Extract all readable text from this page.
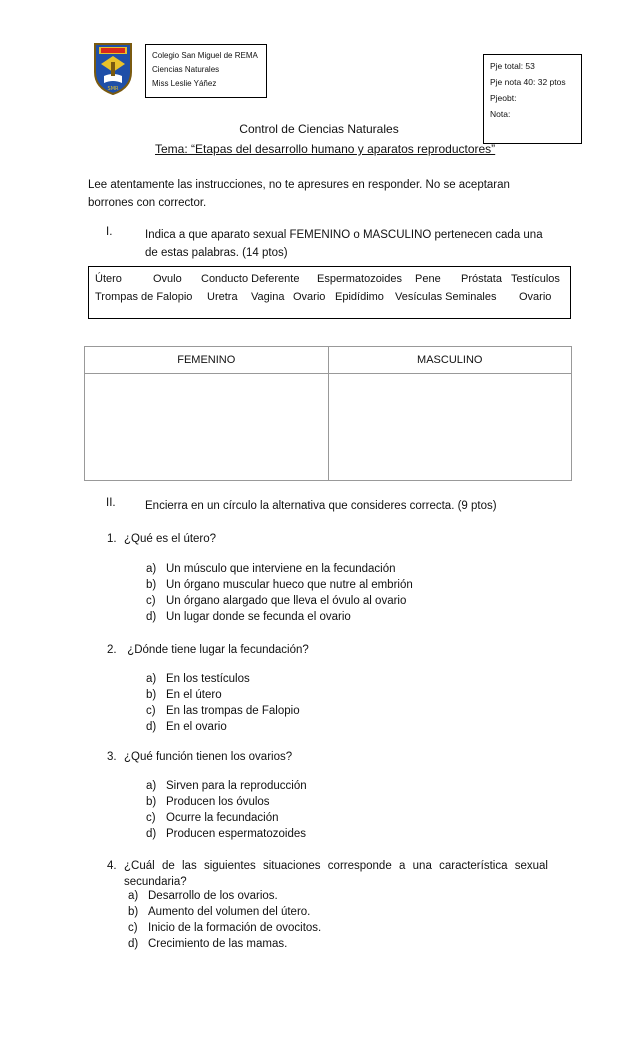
SMR
Colegio San Miguel de REMA
Ciencias Naturales
Miss Leslie Yáñez
Pje total: 53
Pje nota 40: 32 ptos
Pjeobt:
Nota:
Control de Ciencias Naturales
Tema: “Etapas del desarrollo humano y aparatos reproductores”
Lee atentamente las instrucciones, no te apresures en responder. No se aceptaran borrones con corrector.
I.	Indica a que aparato sexual FEMENINO o MASCULINO pertenecen cada una de estas palabras. (14 ptos)
Útero	Ovulo Conducto Deferente Espermatozoides Pene Próstata Testículos
Trompas de Falopio Uretra Vagina Ovario Epidídimo Vesículas Seminales Ovario
FEMENINO	MASCULINO

II.	Encierra en un círculo la alternativa que consideres correcta. (9 ptos)
1. ¿Qué es el útero?
a) Un músculo que interviene en la fecundación
b) Un órgano muscular hueco que nutre al embrión
c) Un órgano alargado que lleva el óvulo al ovario
d) Un lugar donde se fecunda el ovario
2. ¿Dónde tiene lugar la fecundación?
a) En los testículos
b) En el útero
c) En las trompas de Falopio
d) En el ovario
3. ¿Qué función tienen los ovarios?
a) Sirven para la reproducción
b) Producen los óvulos
c) Ocurre la fecundación
d) Producen espermatozoides
4. ¿Cuál de las siguientes situaciones corresponde a una característica sexual secundaria?
a) Desarrollo de los ovarios.
b) Aumento del volumen del útero.
c) Inicio de la formación de ovocitos.
d) Crecimiento de las mamas.
